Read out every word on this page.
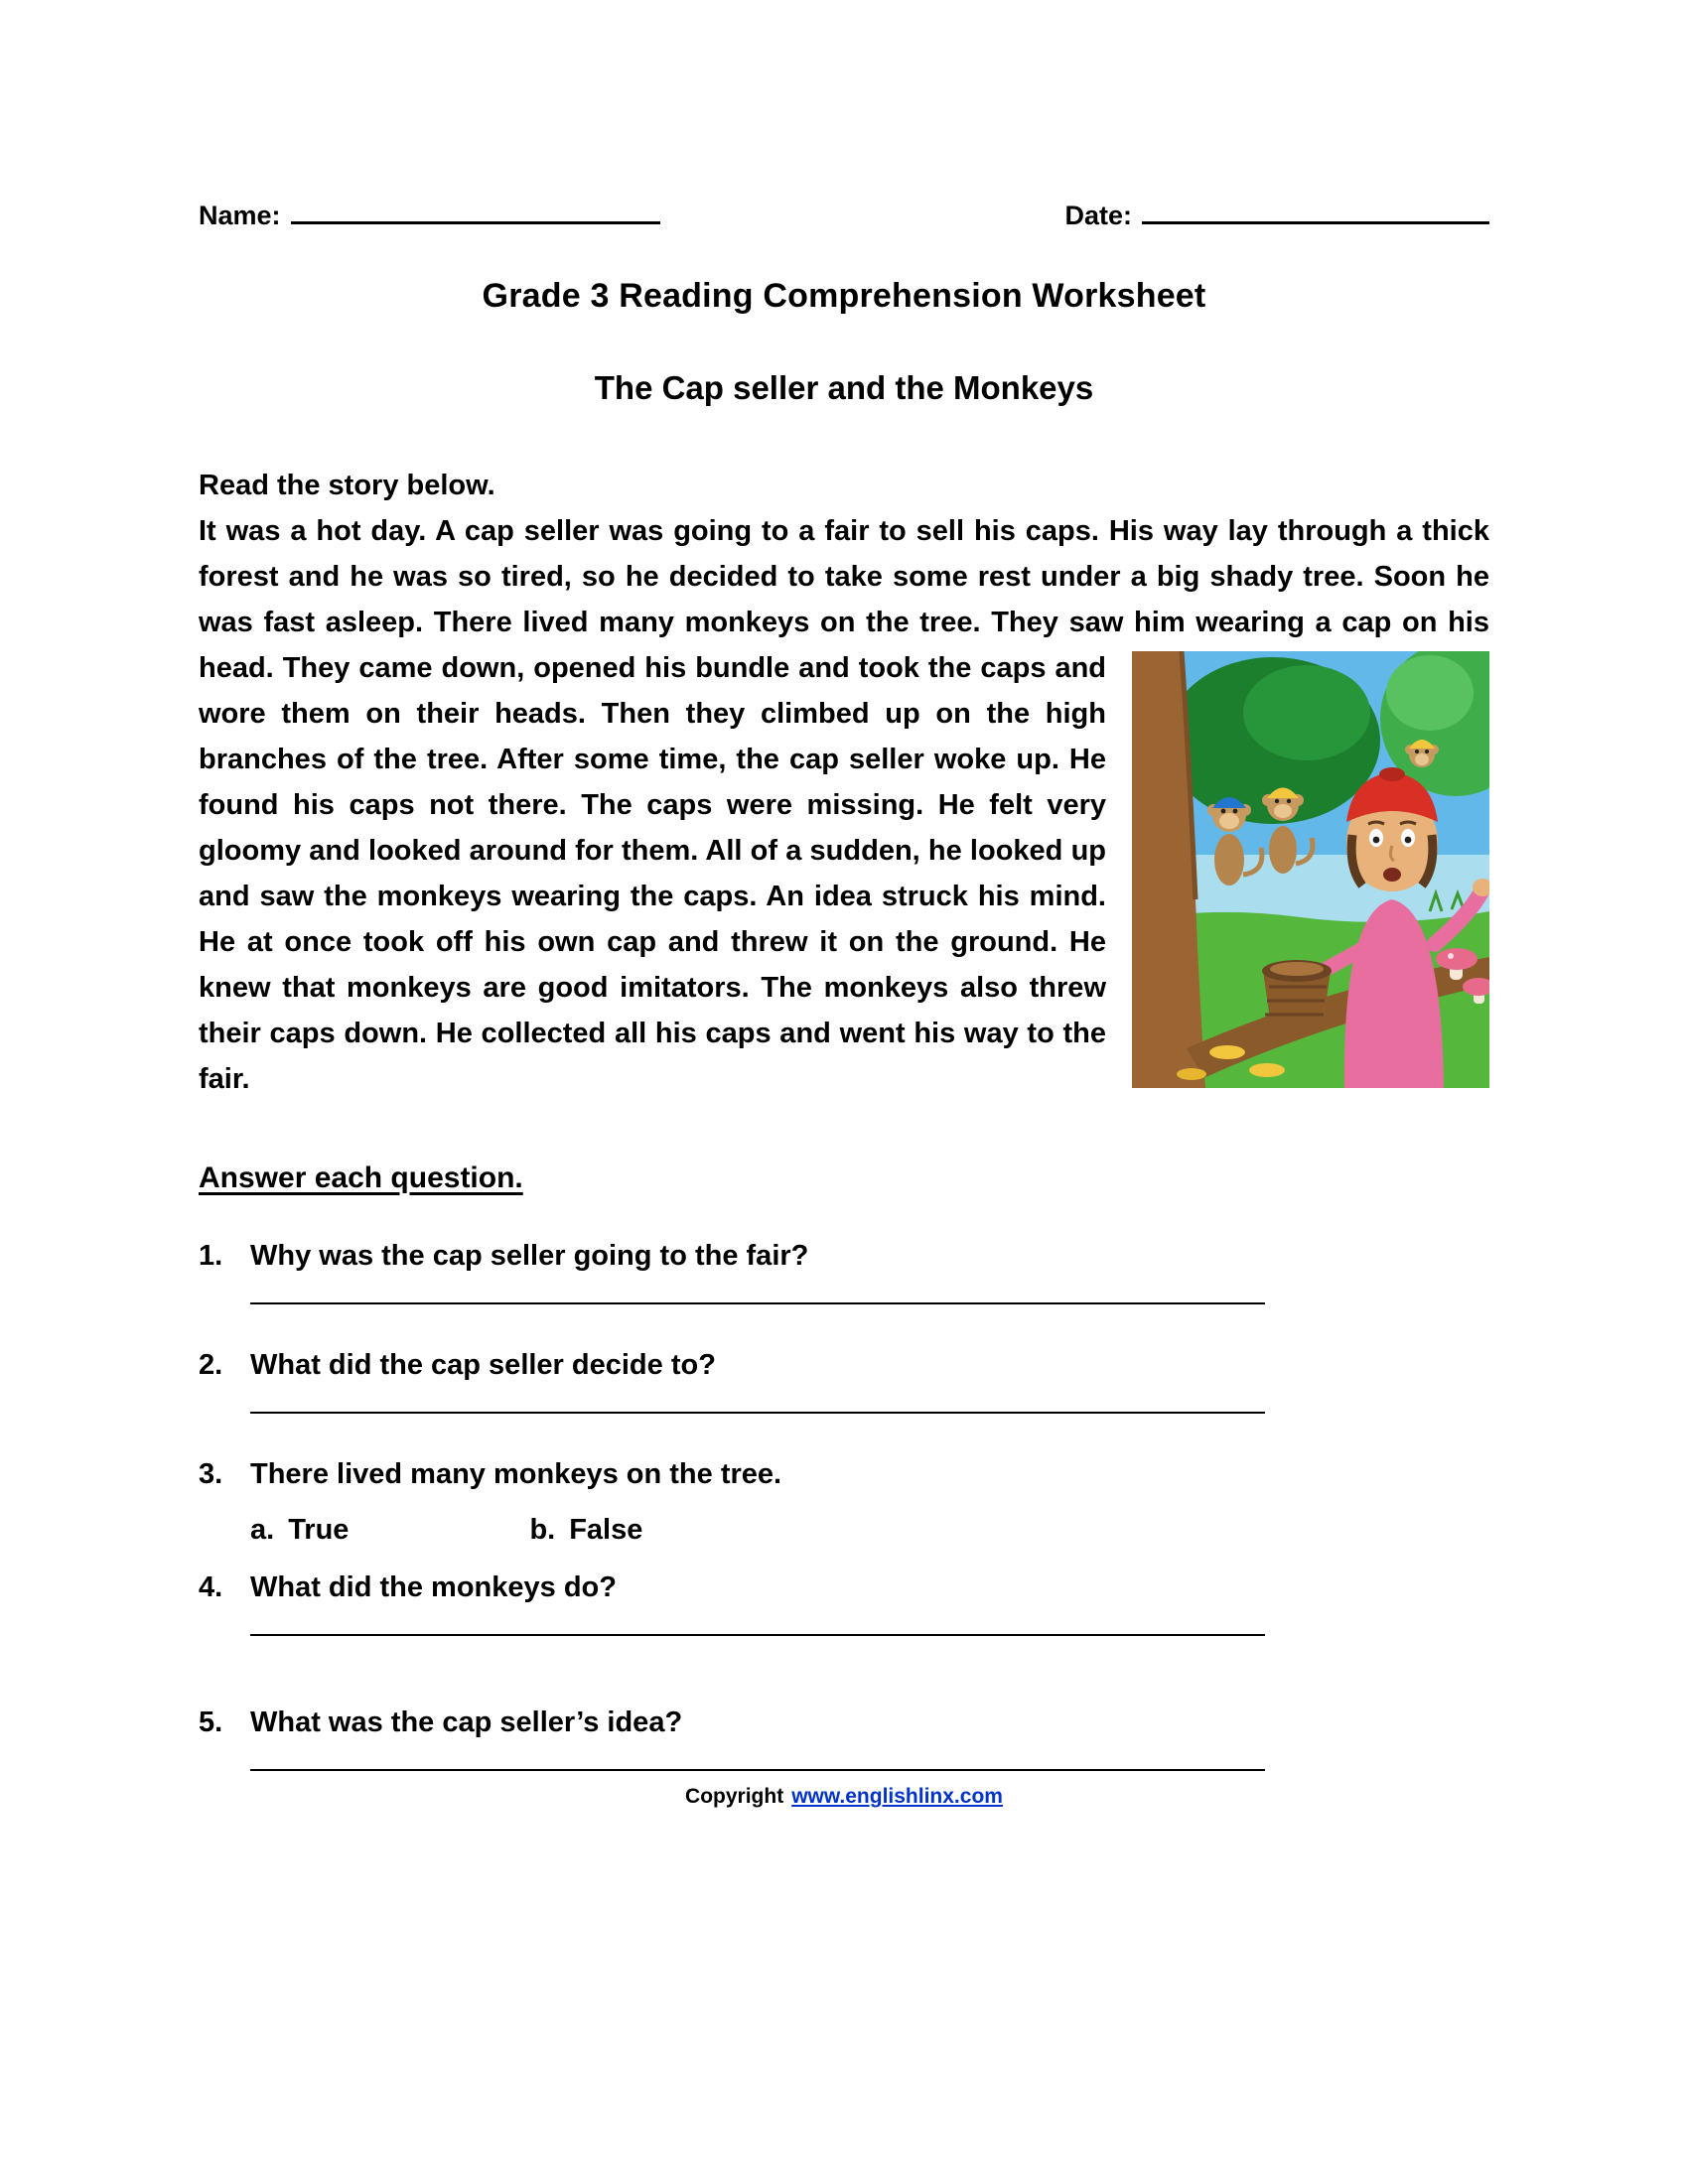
Name:	Date:
Grade 3 Reading Comprehension Worksheet
The Cap seller and the Monkeys
Read the story below.
It was a hot day. A cap seller was going to a fair to sell his caps. His way lay through a thick forest and he was so tired, so he decided to take some rest under a big shady tree. Soon he was fast asleep. There lived many monkeys on the tree. They saw him wearing a cap on his head. They came down, opened his bundle and took the caps and wore them on their heads. Then they climbed up on the high branches of the tree. After some time, the cap seller woke up. He found his caps not there. The caps were missing. He felt very gloomy and looked around for them. All of a sudden, he looked up and saw the monkeys wearing the caps. An idea struck his mind. He at once took off his own cap and threw it on the ground. He knew that monkeys are good imitators. The monkeys also threw their caps down. He collected all his caps and went his way to the fair.
Answer each question.
1. Why was the cap seller going to the fair?
2. What did the cap seller decide to?
3. There lived many monkeys on the tree.
a. True	b. False
4. What did the monkeys do?
5. What was the cap seller’s idea?
Copyright www.englishlinx.com
